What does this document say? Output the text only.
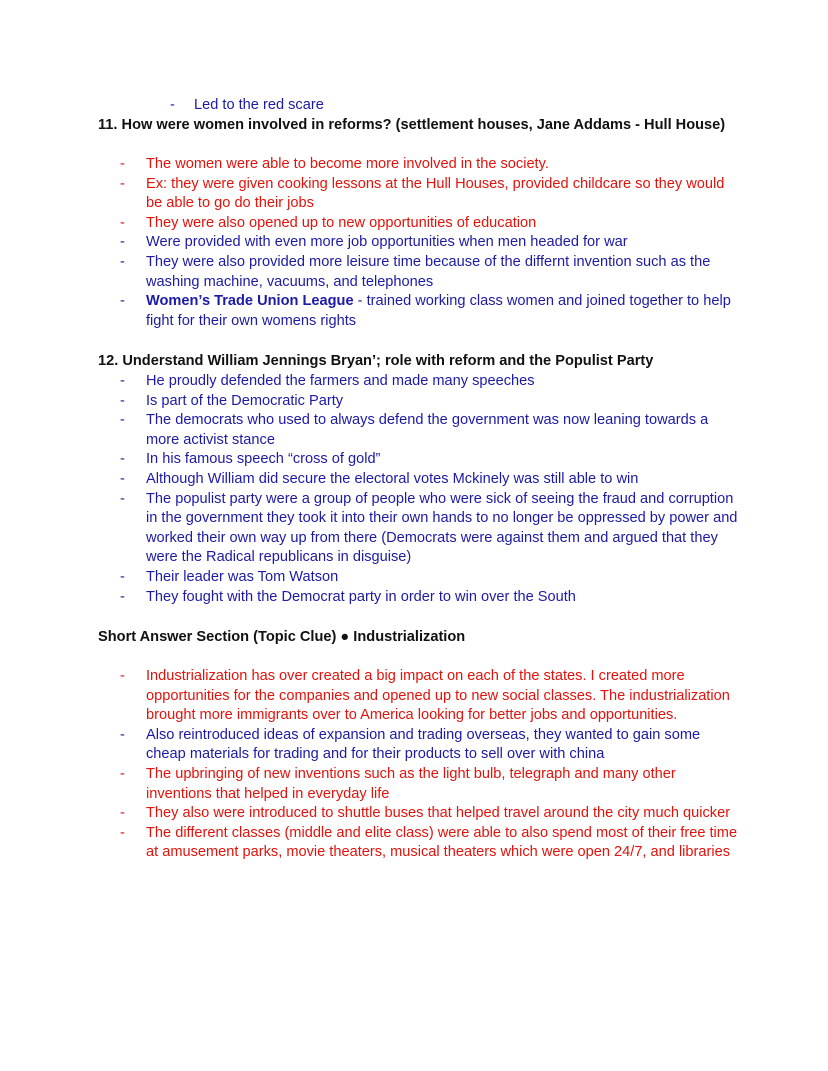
- Led to the red scare
11. How were women involved in reforms? (settlement houses, Jane Addams - Hull House)
- The women were able to become more involved in the society.
- Ex: they were given cooking lessons at the Hull Houses, provided childcare so they would be able to go do their jobs
- They were also opened up to new opportunities of education
- Were provided with even more job opportunities when men headed for war
- They were also provided more leisure time because of the differnt invention such as the washing machine, vacuums, and telephones
- Women’s Trade Union League - trained working class women and joined together to help fight for their own womens rights
12. Understand William Jennings Bryan’; role with reform and the Populist Party
- He proudly defended the farmers and made many speeches
- Is part of the Democratic Party
- The democrats who used to always defend the government was now leaning towards a more activist stance
- In his famous speech “cross of gold”
- Although William did secure the electoral votes Mckinely was still able to win
- The populist party were a group of people who were sick of seeing the fraud and corruption in the government they took it into their own hands to no longer be oppressed by power and worked their own way up from there (Democrats were against them and argued that they were the Radical republicans in disguise)
- Their leader was Tom Watson
- They fought with the Democrat party in order to win over the South
Short Answer Section (Topic Clue) ● Industrialization
- Industrialization has over created a big impact on each of the states. I created more opportunities for the companies and opened up to new social classes. The industrialization brought more immigrants over to America looking for better jobs and opportunities.
- Also reintroduced ideas of expansion and trading overseas, they wanted to gain some cheap materials for trading and for their products to sell over with china
- The upbringing of new inventions such as the light bulb, telegraph and many other inventions that helped in everyday life
- They also were introduced to shuttle buses that helped travel around the city much quicker
- The different classes (middle and elite class) were able to also spend most of their free time at amusement parks, movie theaters, musical theaters which were open 24/7, and libraries
